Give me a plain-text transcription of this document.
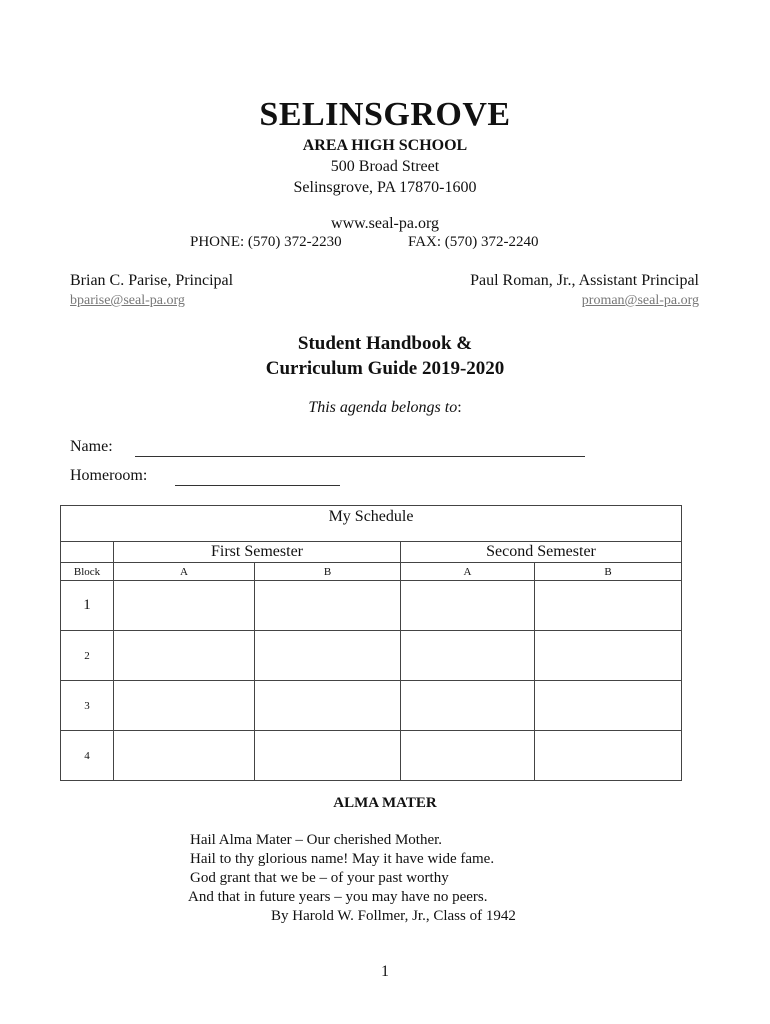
SELINSGROVE
AREA HIGH SCHOOL
500 Broad Street
Selinsgrove, PA 17870-1600
www.seal-pa.org
PHONE: (570) 372-2230	FAX: (570) 372-2240
Brian C. Parise, Principal
bparise@seal-pa.org
Paul Roman, Jr., Assistant Principal
proman@seal-pa.org
Student Handbook &
Curriculum Guide 2019-2020
This agenda belongs to:
Name:
Homeroom:
My Schedule				
	First Semester		Second Semester	
Block	A	B	A	B
1				
2				
3				
4				
ALMA MATER
Hail Alma Mater – Our cherished Mother.
Hail to thy glorious name! May it have wide fame.
God grant that we be – of your past worthy
And that in future years – you may have no peers.
By Harold W. Follmer, Jr., Class of 1942
1
